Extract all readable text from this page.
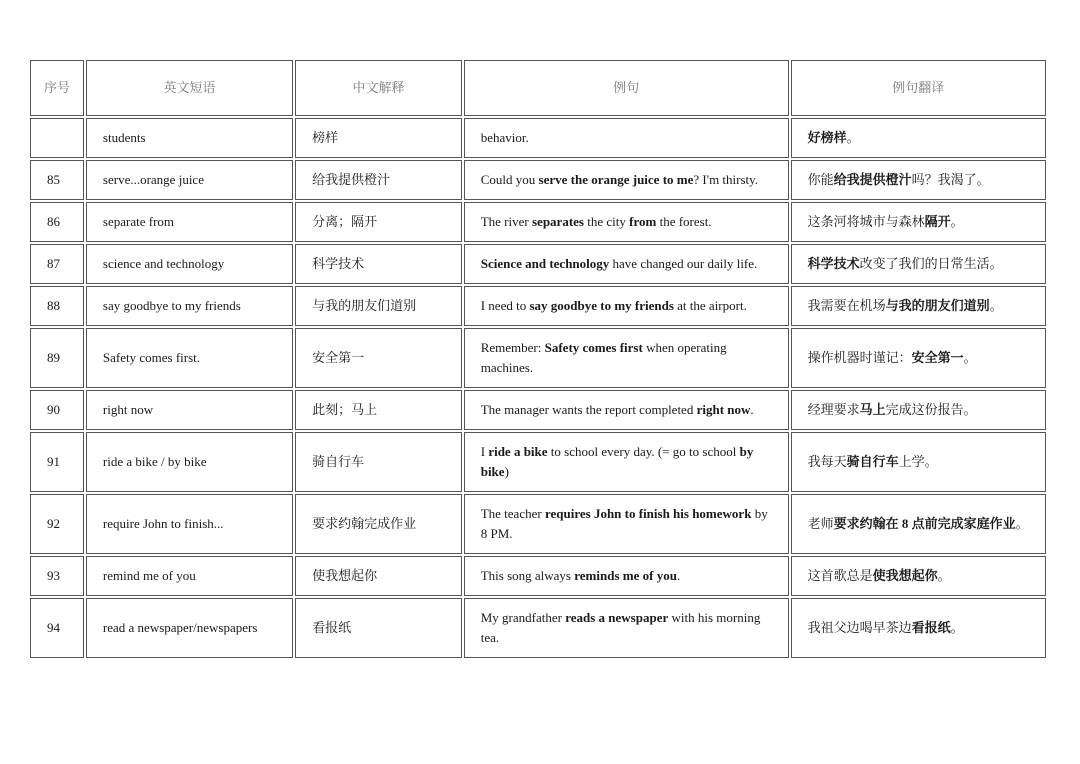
序号	英文短语	中文解释	例句	例句翻译
	students	榜样	behavior.	好榜样。
85	serve...orange juice	给我提供橙汁	Could you serve the orange juice to me? I'm thirsty.	你能给我提供橙汁吗？我渴了。
86	separate from	分离；隔开	The river separates the city from the forest.	这条河将城市与森林隔开。
87	science and technology	科学技术	Science and technology have changed our daily life.	科学技术改变了我们的日常生活。
88	say goodbye to my friends	与我的朋友们道别	I need to say goodbye to my friends at the airport.	我需要在机场与我的朋友们道别。
89	Safety comes first.	安全第一	Remember: Safety comes first when operating machines.	操作机器时谨记：安全第一。
90	right now	此刻；马上	The manager wants the report completed right now.	经理要求马上完成这份报告。
91	ride a bike / by bike	骑自行车	I ride a bike to school every day. (= go to school by bike)	我每天骑自行车上学。
92	require John to finish...	要求约翰完成作业	The teacher requires John to finish his homework by 8 PM.	老师要求约翰在 8 点前完成家庭作业。
93	remind me of you	使我想起你	This song always reminds me of you.	这首歌总是使我想起你。
94	read a newspaper/newspapers	看报纸	My grandfather reads a newspaper with his morning tea.	我祖父边喝早茶边看报纸。
